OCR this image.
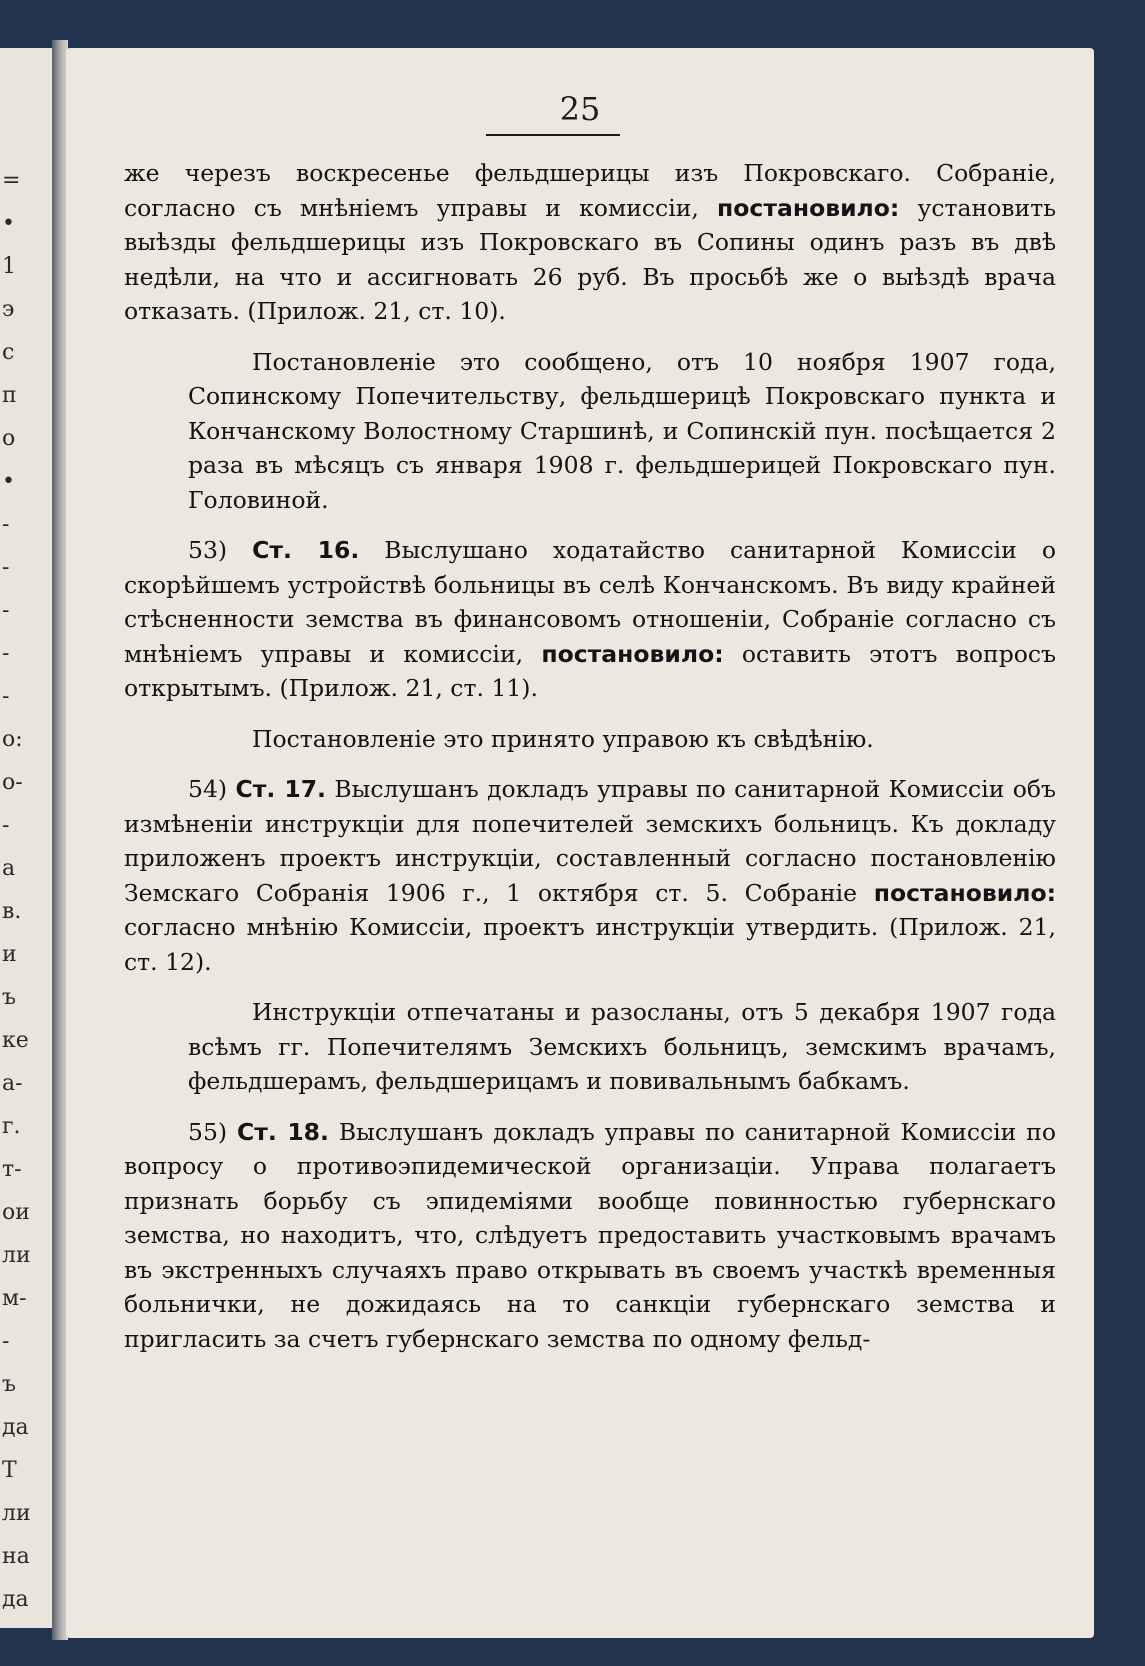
=
•
1
э
с
п
о
•
-
-
-
-
-
о:
о-
-
а
в.
и
ъ
ке
а-
г.
т-
ои
ли
м-
-
ъ
да
Т
ли
на
да
25

же черезъ воскресенье фельдшерицы изъ Покровскаго. Собраніе, согласно съ мнѣніемъ управы и комиссіи, постановило: установить выѣзды фельдшерицы изъ Покровскаго въ Сопины одинъ разъ въ двѣ недѣли, на что и ассигновать 26 руб. Въ просьбѣ же о выѣздѣ врача отказать. (Прилож. 21, ст. 10).

Постановленіе это сообщено, отъ 10 ноября 1907 года, Сопинскому Попечительству, фельдшерицѣ Покровскаго пункта и Кончанскому Волостному Старшинѣ, и Сопинскій пун. посѣщается 2 раза въ мѣсяцъ съ января 1908 г. фельдшерицей Покровскаго пун. Головиной.

53) Ст. 16. Выслушано ходатайство санитарной Комиссіи о скорѣйшемъ устройствѣ больницы въ селѣ Кончанскомъ. Въ виду крайней стѣсненности земства въ финансовомъ отношеніи, Собраніе согласно съ мнѣніемъ управы и комиссіи, постановило: оставить этотъ вопросъ открытымъ. (Прилож. 21, ст. 11).

Постановленіе это принято управою къ свѣдѣнію.

54) Ст. 17. Выслушанъ докладъ управы по санитарной Комиссіи объ измѣненіи инструкціи для попечителей земскихъ больницъ. Къ докладу приложенъ проектъ инструкціи, составленный согласно постановленію Земскаго Собранія 1906 г., 1 октября ст. 5. Собраніе постановило: согласно мнѣнію Комиссіи, проектъ инструкціи утвердить. (Прилож. 21, ст. 12).

Инструкціи отпечатаны и разосланы, отъ 5 декабря 1907 года всѣмъ гг. Попечителямъ Земскихъ больницъ, земскимъ врачамъ, фельдшерамъ, фельдшерицамъ и повивальнымъ бабкамъ.

55) Ст. 18. Выслушанъ докладъ управы по санитарной Комиссіи по вопросу о противоэпидемической организаціи. Управа полагаетъ признать борьбу съ эпидеміями вообще повинностью губернскаго земства, но находитъ, что, слѣдуетъ предоставить участковымъ врачамъ въ экстренныхъ случаяхъ право открывать въ своемъ участкѣ временныя больнички, не дожидаясь на то санкціи губернскаго земства и пригласить за счетъ губернскаго земства по одному фельд-
